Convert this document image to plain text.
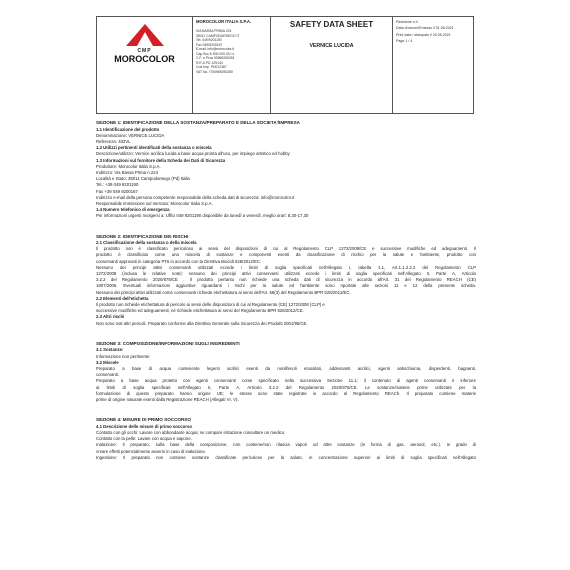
CMP
MOROCOLOR
MOROCOLOR ITALIA S.P.A.
VIA BASSA PRIMA 224
35011 CAMPODARSEGO IT
Tel. 049/9201190
Fax 049/9200167
E-mail: info@morocolor.it
Cap.Soc.€ 500.000,00 i.v.
C.F. e P.iva 00969250281
R.E.A.PD 129144
Cod.Imp. PD012367
VAT No. IT00969250280
SAFETY DATA SHEET
VERNICE LUCIDA
Revisione n.4
Data di lavoro/Emesso il 01.06.2021
Print data / stampato il 20.06.2021
Page 1 / 4
SEZIONE 1: IDENTIFICAZIONE DELLA SOSTANZA/PREPARATO E DELLA SOCIETA'/IMPRESA
1.1 Identificazione del prodotto
Denominazione: VERNICE LUCIDA
Referenza: 402VL
1.2 Utilizzi pertinenti identificati della sostanza o miscela
Descrizione/utilizzo: Vernice acrilica lucida a base acqua pronta all'uso, per impiego artistico ed hobby
1.3 Informazioni sul fornitore della Scheda dei Dati di Sicurezza
Produttore: Morocolor Italia S.p.A.
Indirizzo: Via Bassa Prima n.224
Località e Stato: 35011 Campodarsego (Pd) Italia
Tel.: +39 049 9201190
Fax +39 049 9200167
Indirizzo e-mail della persona competente responsabile della scheda dati di sicurezza: info@morocolor.it
Responsabile immissione sul mercato: Morocolor Italia S.p.A.
1.4 Numero telefonico di emergenza
Per informazioni urgenti rivolgersi a: Uffici 049 9201190 disponibile da lunedì a venerdì, meglio orari: 8,30-17,30
SEZIONE 2: IDENTIFICAZIONE DEI RISCHI
2.1 Classificazione della sostanza o della miscela
Il prodotto non è classificato pericoloso ai sensi del disposizioni di cui al Regolamento CLP 1272/2008/CE e successive modifiche ed adeguamenti. Il
prodotto è classificato come una miscela di sostanze e componenti esenti da classificazione di rischio per la salute e l'ambiente, prodotto con
conservanti approvati in categoria PT6 in accordo con la Direttiva Biocidi 528/2012/EC.
Nessuno dei principi attivi conservanti utilizzati eccede i limiti di soglia specificati nell'Allegato I, tabella 1.1, Art.1.1.2.2.2 del Regolamento CLP
1272/2008 (inclusa le relative note): nessuno dei principi attivi conservanti utilizzati eccede i limiti di soglia specificati nell'Allegato II, Parte A, Articolo
3.2.2 del Regolamento 2020/878/CE . Il prodotto pertanto non richiede una scheda dati di sicurezza in accordo all'Art. 31 del Regolamento REACH (CE)
1907/2006. Eventuali informazioni aggiuntive riguardanti i rischi per la salute ed l'ambiente sono riportate alle sezioni 11 e 12 della presente scheda.
Nessuno dei principi attivi utilizzati come conservanti richiede etichettatura ai sensi dell'Art. 58(3) del Regolamento BPR 528/2012/EC.
2.2 Elementi dell'etichetta
Il prodotto non richiede etichettatura di pericolo ai sensi delle disposizioni di cui al Regolamento (CE) 1272/2008 (CLP) e
successive modifiche ed adeguamenti, né richiede etichettatura ai sensi del Regolamento BPR 528/2012/CE.
2.3 Altri rischi
Non sono noti altri pericoli. Preparato conforme alla Direttiva Generale sulla Sicurezza dei Prodotti 2001/95/CE.
SEZIONE 3: COMPOSIZIONE/INFORMAZIONI SUGLI INGREDIENTI
3.1 Sostanze:
Informazione non pertinente
3.2 Miscele
Preparato a base di acqua contenente legenti acrilici esenti da nonilfenoli etossilati, addensanti acrilici, agenti antischiuma, disperdenti, bagnanti,
conservanti.
Preparato a base acqua protetto con agenti conservanti come specificato nella successiva Sezione 11.1; il contenuto di agenti conservanti è inferiore
ai limiti di soglia specificati nell'Allegato II, Parte A, Articolo 3.2.2 del Regolamento 2020/878/CE. Le sostanze/materie prime utilizzate per la
formulazione di questo preparato hanno origine UE; le stesse sono state registrate in accordo al Regolamento REACh. Il preparato contiene materie
prime di origine naturale esenti dalla Registrazione REACH (Allegati VI, V).
SEZIONE 4: MISURE DI PRIMO SOCCORSO
4.1 Descrizione delle misure di primo soccorso
Contatto con gli occhi: Lavare con abbondante acqua; se compare irritazione consultare un medico.
Contatto con la pelle: Lavare con acqua e sapone.
Inalazione: Il preparato, sulla base della composizione, non contiene/non rilascia vapori od altre sostanze (in forma di gas, aerosol, etc.). In grado di
creare effetti potenzialmente avversi in caso di inalazione.
Ingestione: Il preparato non contiene sostanze classificate pericolose per la salute, in concentrazione superiori ai limiti di soglia specificati nell'Allegato
